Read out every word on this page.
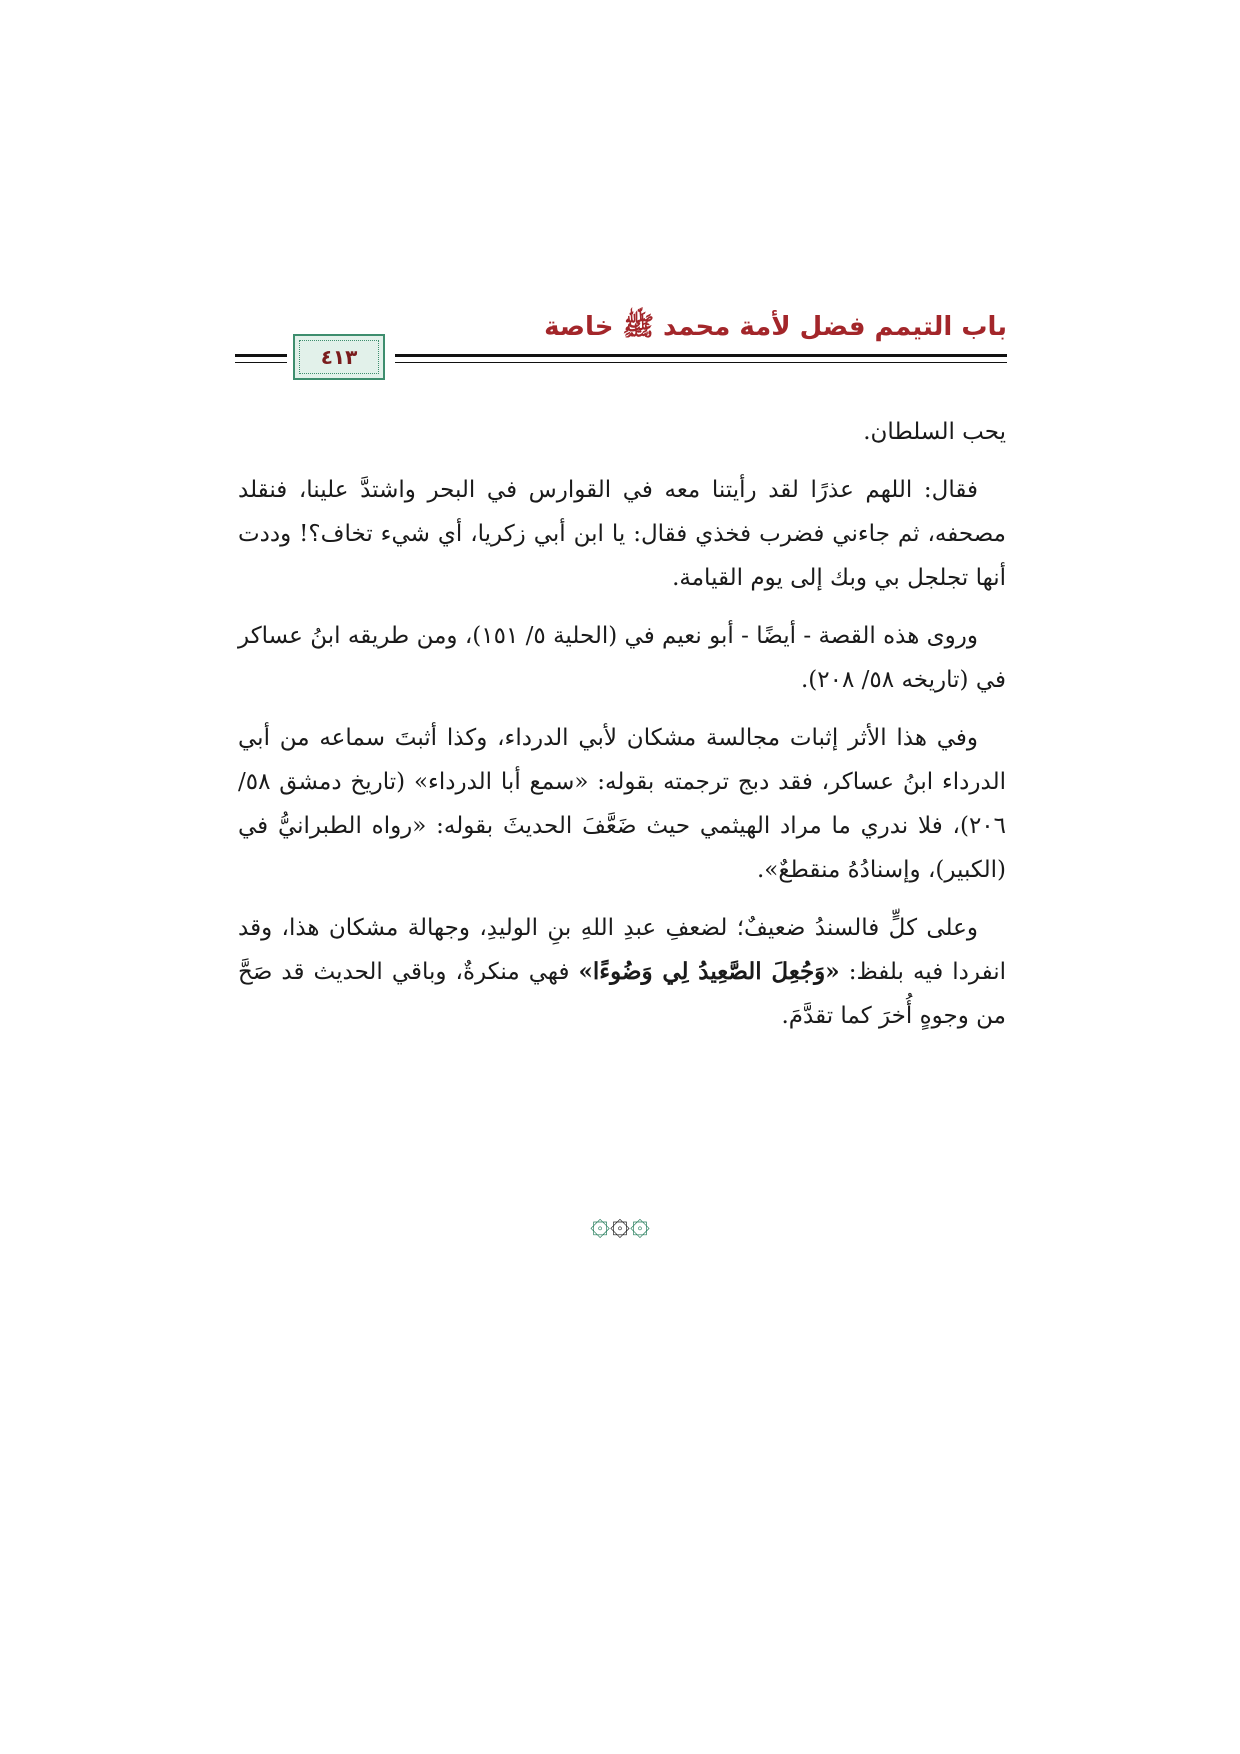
باب التيمم فضل لأمة محمد ﷺ خاصة
٤١٣

يحب السلطان.

فقال: اللهم عذرًا لقد رأيتنا معه في القوارس في البحر واشتدَّ علينا، فنقلد مصحفه، ثم جاءني فضرب فخذي فقال: يا ابن أبي زكريا، أي شيء تخاف؟! وددت أنها تجلجل بي وبك إلى يوم القيامة.

وروى هذه القصة - أيضًا - أبو نعيم في (الحلية ٥/ ١٥١)، ومن طريقه ابنُ عساكر في (تاريخه ٥٨/ ٢٠٨).

وفي هذا الأثر إثبات مجالسة مشكان لأبي الدرداء، وكذا أثبتَ سماعه من أبي الدرداء ابنُ عساكر، فقد دبج ترجمته بقوله: «سمع أبا الدرداء» (تاريخ دمشق ٥٨/ ٢٠٦)، فلا ندري ما مراد الهيثمي حيث ضَعَّفَ الحديثَ بقوله: «رواه الطبرانيُّ في (الكبير)، وإسنادُهُ منقطعٌ».

وعلى كلٍّ فالسندُ ضعيفٌ؛ لضعفِ عبدِ اللهِ بنِ الوليدِ، وجهالة مشكان هذا، وقد انفردا فيه بلفظ: «وَجُعِلَ الصَّعِيدُ لِي وَضُوءًا» فهي منكرةٌ، وباقي الحديث قد صَحَّ من وجوهٍ أُخرَ كما تقدَّمَ.

۞۞۞
